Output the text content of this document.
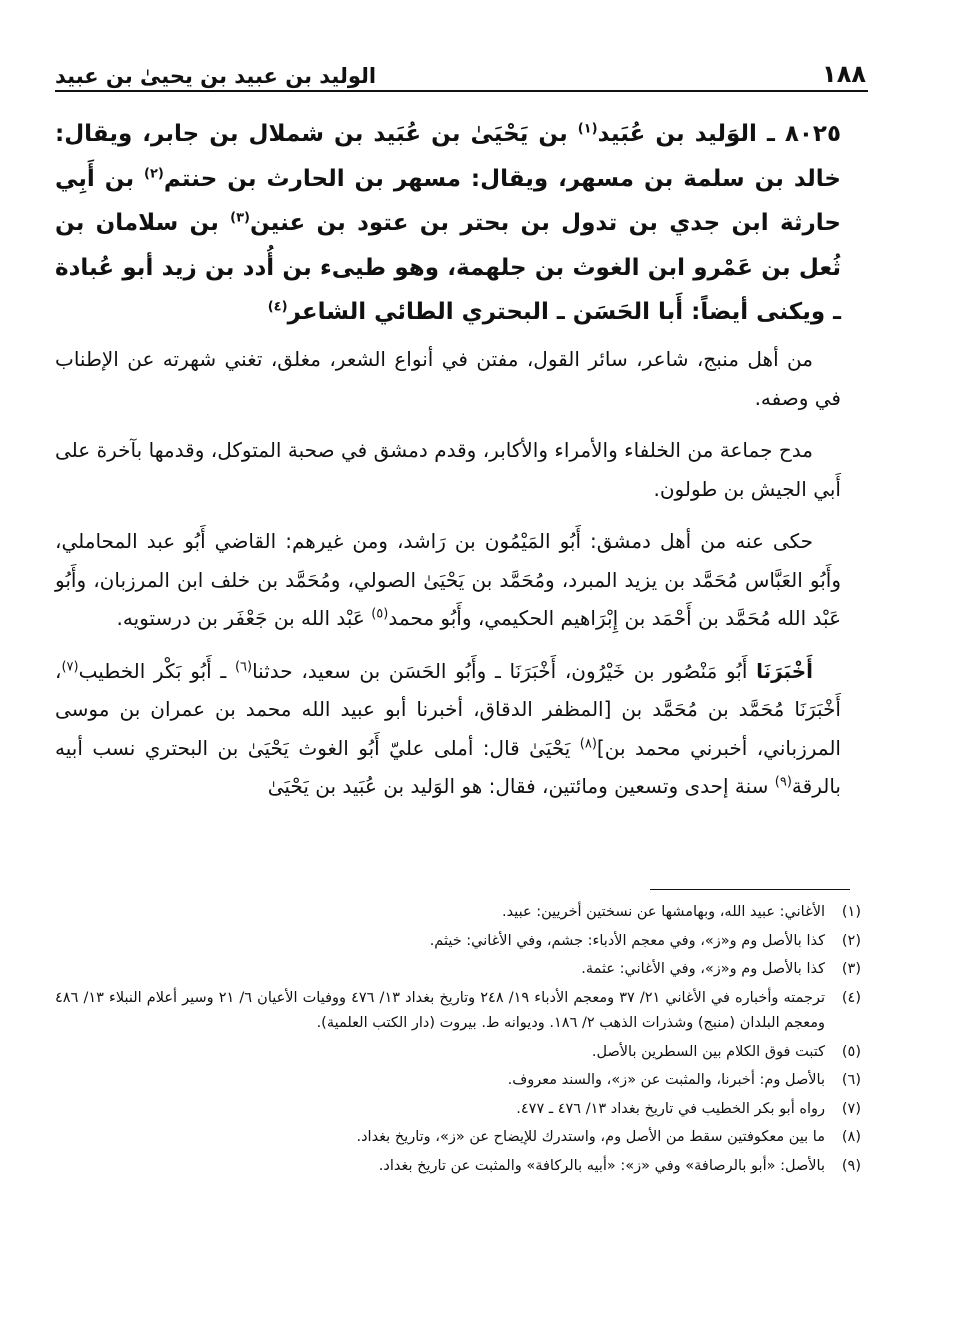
١٨٨
الوليد بن عبيد بن يحيىٰ بن عبيد
٨٠٢٥ ـ الوَليد بن عُبَيد$^{(١)}$ بن يَحْيَىٰ بن عُبَيد بن شملال بن جابر، ويقال: خالد بن سلمة بن مسهر، ويقال: مسهر بن الحارث بن حنتم$^{(٢)}$ بن أَبِي حارثة ابن جدي بن تدول بن بحتر بن عتود بن عنين$^{(٣)}$ بن سلامان بن ثُعل بن عَمْرو ابن الغوث بن جلهمة، وهو طيىء بن أُدد بن زيد أبو عُبادة ـ ويكنى أيضاً: أَبا الحَسَن ـ البحتري الطائي الشاعر$^{(٤)}$

من أهل منبج، شاعر، سائر القول، مفتن في أنواع الشعر، مغلق، تغني شهرته عن الإطناب في وصفه.

مدح جماعة من الخلفاء والأمراء والأكابر، وقدم دمشق في صحبة المتوكل، وقدمها بآخرة على أَبي الجيش بن طولون.

حكى عنه من أهل دمشق: أَبُو المَيْمُون بن رَاشد، ومن غيرهم: القاضي أَبُو عبد المحاملي، وأَبُو العَبَّاس مُحَمَّد بن يزيد المبرد، ومُحَمَّد بن يَحْيَىٰ الصولي، ومُحَمَّد بن خلف ابن المرزبان، وأَبُو عَبْد الله مُحَمَّد بن أَحْمَد بن إِبْرَاهيم الحكيمي، وأَبُو محمد$^{(٥)}$ عَبْد الله بن جَعْفَر بن درستويه.

أَخْبَرَنَا أَبُو مَنْصُور بن خَيْرُون، أَخْبَرَنَا ـ وأَبُو الحَسَن بن سعيد، حدثنا$^{(٦)}$ ـ أَبُو بَكْر الخطيب$^{(٧)}$، أَخْبَرَنَا مُحَمَّد بن مُحَمَّد بن [المظفر الدقاق، أخبرنا أبو عبيد الله محمد بن عمران بن موسى المرزباني، أخبرني محمد بن]$^{(٨)}$ يَحْيَىٰ قال: أملى عليّ أَبُو الغوث يَحْيَىٰ بن البحتري نسب أبيه بالرقة$^{(٩)}$ سنة إحدى وتسعين ومائتين، فقال: هو الوَليد بن عُبَيد بن يَحْيَىٰ

(١)
الأغاني: عبيد الله، وبهامشها عن نسختين أخريين: عبيد.
(٢)
كذا بالأصل وم و«ز»، وفي معجم الأدباء: جشم، وفي الأغاني: خيثم.
(٣)
كذا بالأصل وم و«ز»، وفي الأغاني: عثمة.
(٤)
ترجمته وأخباره في الأغاني ٢١/ ٣٧ ومعجم الأدباء ١٩/ ٢٤٨ وتاريخ بغداد ١٣/ ٤٧٦ ووفيات الأعيان ٦/ ٢١ وسير أعلام النبلاء ١٣/ ٤٨٦ ومعجم البلدان (منبج) وشذرات الذهب ٢/ ١٨٦. وديوانه ط. بيروت (دار الكتب العلمية).
(٥)
كتبت فوق الكلام بين السطرين بالأصل.
(٦)
بالأصل وم: أخبرنا، والمثبت عن «ز»، والسند معروف.
(٧)
رواه أبو بكر الخطيب في تاريخ بغداد ١٣/ ٤٧٦ ـ ٤٧٧.
(٨)
ما بين معكوفتين سقط من الأصل وم، واستدرك للإيضاح عن «ز»، وتاريخ بغداد.
(٩)
بالأصل: «أبو بالرصافة» وفي «ز»: «أبيه بالركافة» والمثبت عن تاريخ بغداد.
